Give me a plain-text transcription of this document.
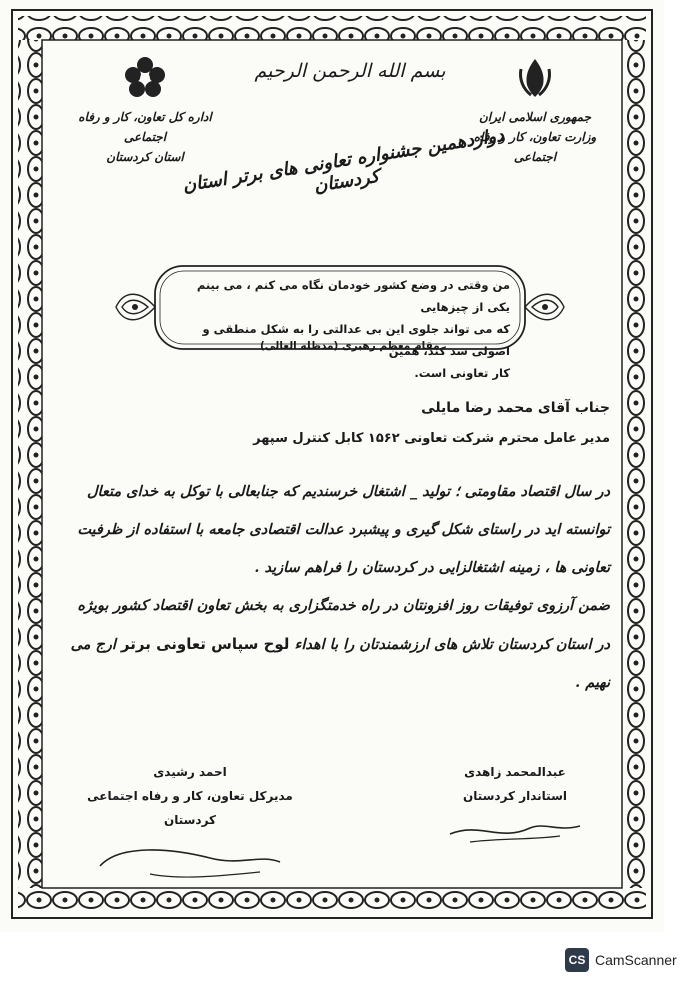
جمهوری اسلامی ایران
وزارت تعاون، کار و رفاه اجتماعی
بسم الله الرحمن الرحیم
اداره کل تعاون، کار و رفاه اجتماعی
استان کردستان
دوازدهمین جشنواره تعاونی های برتر استان کردستان
من وقتی در وضع کشور خودمان نگاه می کنم ، می بینم یکی از چیزهایی
که می تواند جلوی این بی عدالتی را به شکل منطقی و اصولی سد کند، همین
کار تعاونی است.
مقام معظم رهبری (مدظله العالی)
جناب آقای محمد رضا مایلی
مدیر عامل محترم شرکت تعاونی ۱۵۶۲ کابل کنترل سپهر
در سال اقتصاد مقاومتی ؛ تولید _ اشتغال خرسندیم که جنابعالی با توکل به خدای متعال توانسته اید در راستای شکل گیری و پیشبرد عدالت اقتصادی جامعه با استفاده از ظرفیت تعاونی ها ، زمینه اشتغالزایی در کردستان را فراهم سازید .
ضمن آرزوی توفیقات روز افزونتان در راه خدمتگزاری به بخش تعاون اقتصاد کشور بویژه در استان کردستان تلاش های ارزشمندتان را با اهداء لوح سپاس تعاونی برتر ارج می نهیم .
عبدالمحمد زاهدی
استاندار کردستان
احمد رشیدی
مدیرکل تعاون، کار و رفاه اجتماعی کردستان
CS CamScanner
